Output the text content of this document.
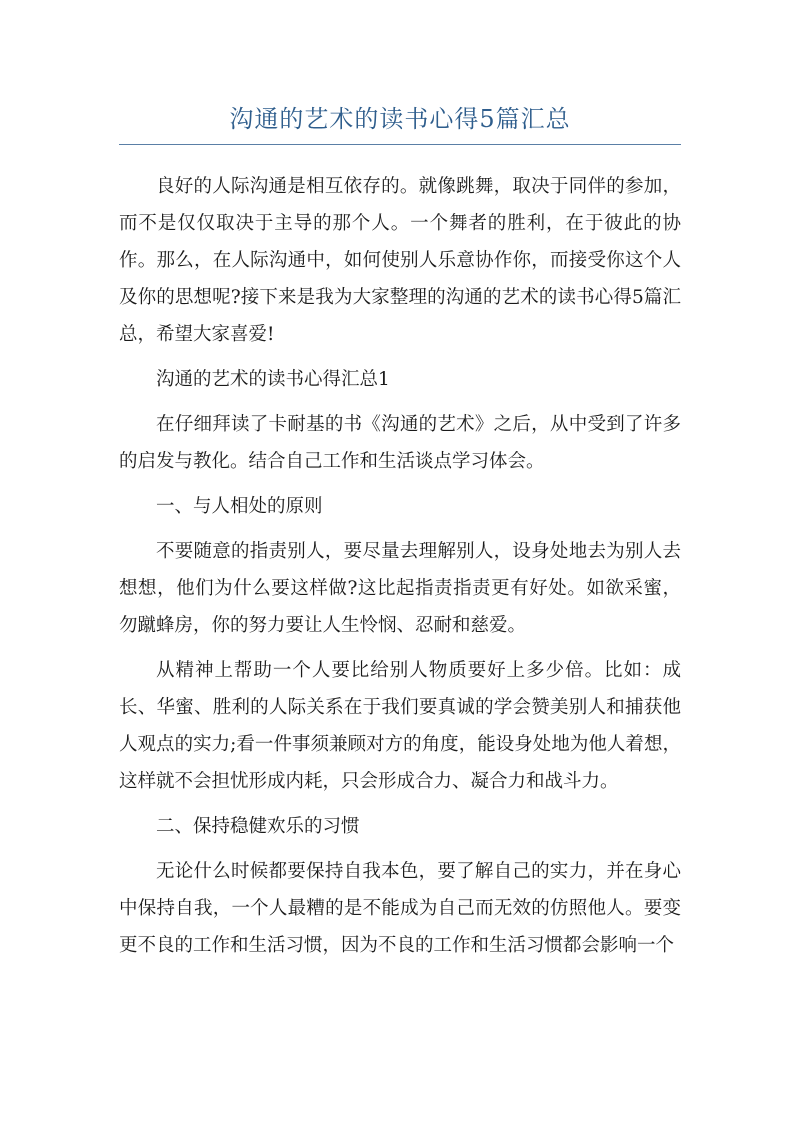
沟通的艺术的读书心得5篇汇总

良好的人际沟通是相互依存的。就像跳舞，取决于同伴的参加，而不是仅仅取决于主导的那个人。一个舞者的胜利，在于彼此的协作。那么，在人际沟通中，如何使别人乐意协作你，而接受你这个人及你的思想呢?接下来是我为大家整理的沟通的艺术的读书心得5篇汇总，希望大家喜爱!

沟通的艺术的读书心得汇总1

在仔细拜读了卡耐基的书《沟通的艺术》之后，从中受到了许多的启发与教化。结合自己工作和生活谈点学习体会。

一、与人相处的原则

不要随意的指责别人，要尽量去理解别人，设身处地去为别人去想想，他们为什么要这样做?这比起指责指责更有好处。如欲采蜜，勿蹴蜂房，你的努力要让人生怜悯、忍耐和慈爱。

从精神上帮助一个人要比给别人物质要好上多少倍。比如：成长、华蜜、胜利的人际关系在于我们要真诚的学会赞美别人和捕获他人观点的实力;看一件事须兼顾对方的角度，能设身处地为他人着想，这样就不会担忧形成内耗，只会形成合力、凝合力和战斗力。

二、保持稳健欢乐的习惯

无论什么时候都要保持自我本色，要了解自己的实力，并在身心中保持自我，一个人最糟的是不能成为自己而无效的仿照他人。要变更不良的工作和生活习惯，因为不良的工作和生活习惯都会影响一个
